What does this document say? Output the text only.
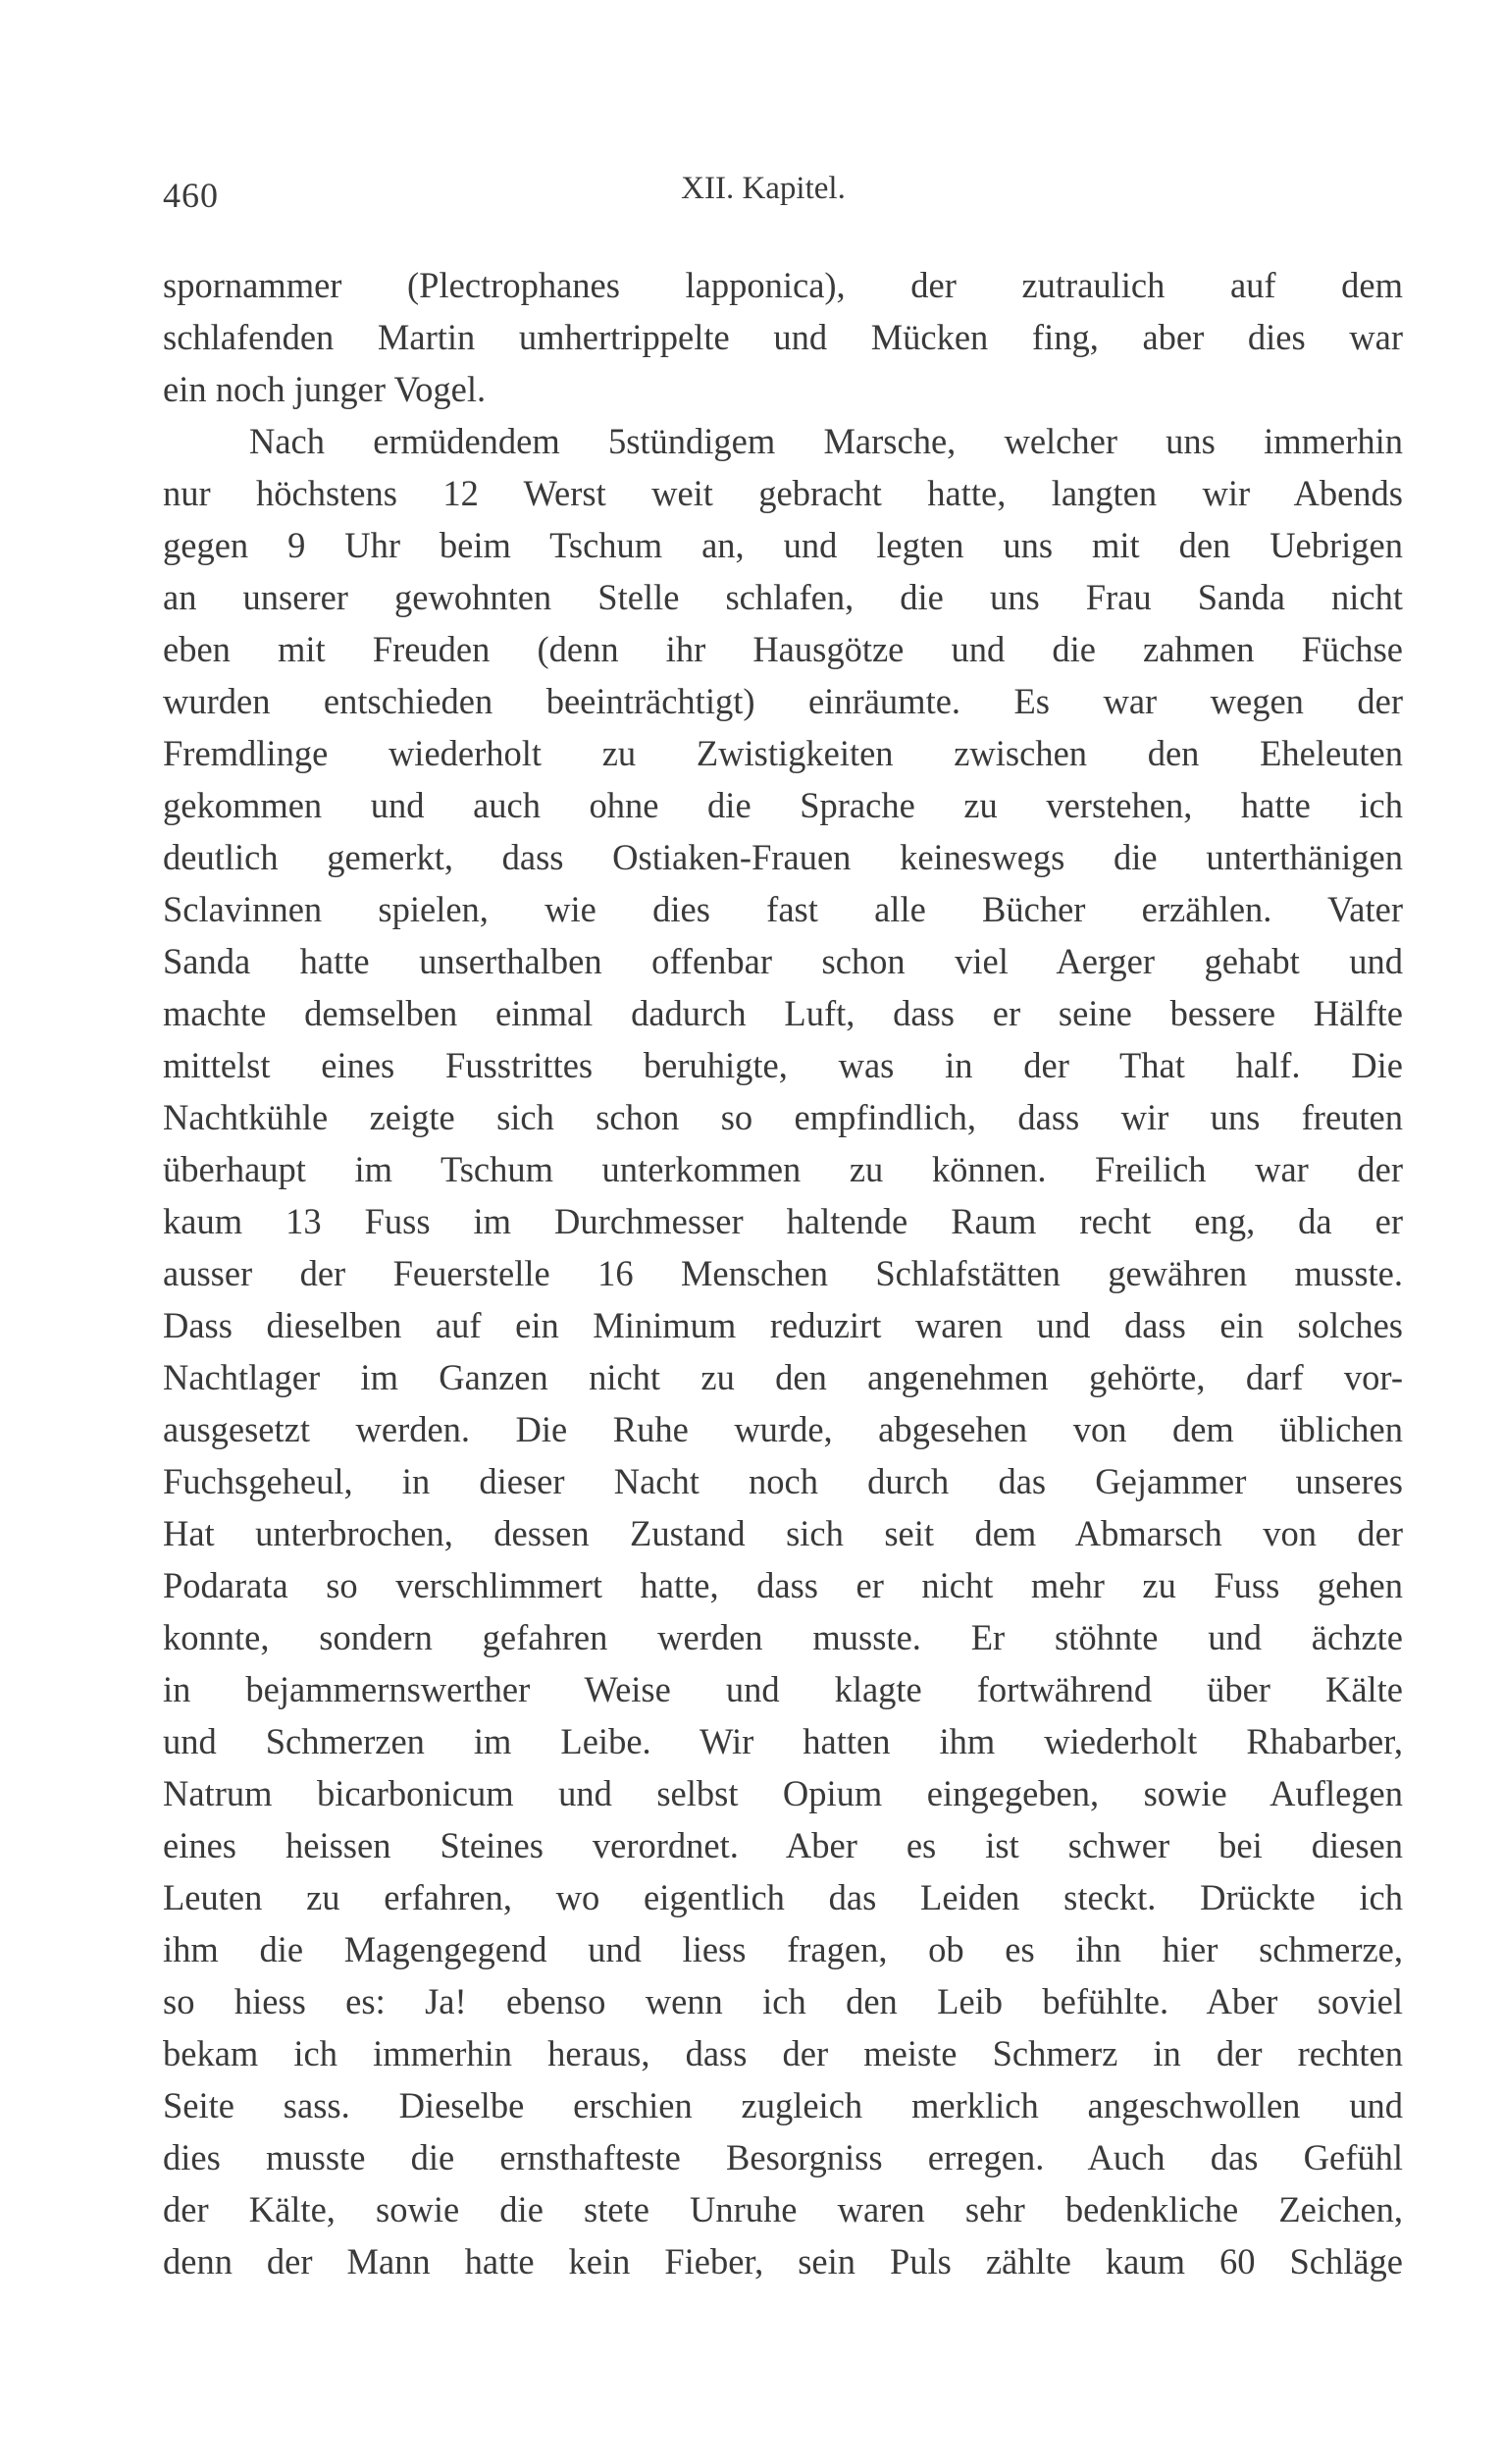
460	XII. Kapitel.
spornammer (Plectrophanes lapponica), der zutraulich auf dem
schlafenden Martin umhertrippelte und Mücken fing, aber dies war
ein noch junger Vogel.
Nach ermüdendem 5stündigem Marsche, welcher uns immerhin
nur höchstens 12 Werst weit gebracht hatte, langten wir Abends
gegen 9 Uhr beim Tschum an, und legten uns mit den Uebrigen
an unserer gewohnten Stelle schlafen, die uns Frau Sanda nicht
eben mit Freuden (denn ihr Hausgötze und die zahmen Füchse
wurden entschieden beeinträchtigt) einräumte. Es war wegen der
Fremdlinge wiederholt zu Zwistigkeiten zwischen den Eheleuten
gekommen und auch ohne die Sprache zu verstehen, hatte ich
deutlich gemerkt, dass Ostiaken-Frauen keineswegs die unterthänigen
Sclavinnen spielen, wie dies fast alle Bücher erzählen. Vater
Sanda hatte unserthalben offenbar schon viel Aerger gehabt und
machte demselben einmal dadurch Luft, dass er seine bessere Hälfte
mittelst eines Fusstrittes beruhigte, was in der That half. Die
Nachtkühle zeigte sich schon so empfindlich, dass wir uns freuten
überhaupt im Tschum unterkommen zu können. Freilich war der
kaum 13 Fuss im Durchmesser haltende Raum recht eng, da er
ausser der Feuerstelle 16 Menschen Schlafstätten gewähren musste.
Dass dieselben auf ein Minimum reduzirt waren und dass ein solches
Nachtlager im Ganzen nicht zu den angenehmen gehörte, darf vor-
ausgesetzt werden. Die Ruhe wurde, abgesehen von dem üblichen
Fuchsgeheul, in dieser Nacht noch durch das Gejammer unseres
Hat unterbrochen, dessen Zustand sich seit dem Abmarsch von der
Podarata so verschlimmert hatte, dass er nicht mehr zu Fuss gehen
konnte, sondern gefahren werden musste. Er stöhnte und ächzte
in bejammernswerther Weise und klagte fortwährend über Kälte
und Schmerzen im Leibe. Wir hatten ihm wiederholt Rhabarber,
Natrum bicarbonicum und selbst Opium eingegeben, sowie Auflegen
eines heissen Steines verordnet. Aber es ist schwer bei diesen
Leuten zu erfahren, wo eigentlich das Leiden steckt. Drückte ich
ihm die Magengegend und liess fragen, ob es ihn hier schmerze,
so hiess es: Ja! ebenso wenn ich den Leib befühlte. Aber soviel
bekam ich immerhin heraus, dass der meiste Schmerz in der rechten
Seite sass. Dieselbe erschien zugleich merklich angeschwollen und
dies musste die ernsthafteste Besorgniss erregen. Auch das Gefühl
der Kälte, sowie die stete Unruhe waren sehr bedenkliche Zeichen,
denn der Mann hatte kein Fieber, sein Puls zählte kaum 60 Schläge
